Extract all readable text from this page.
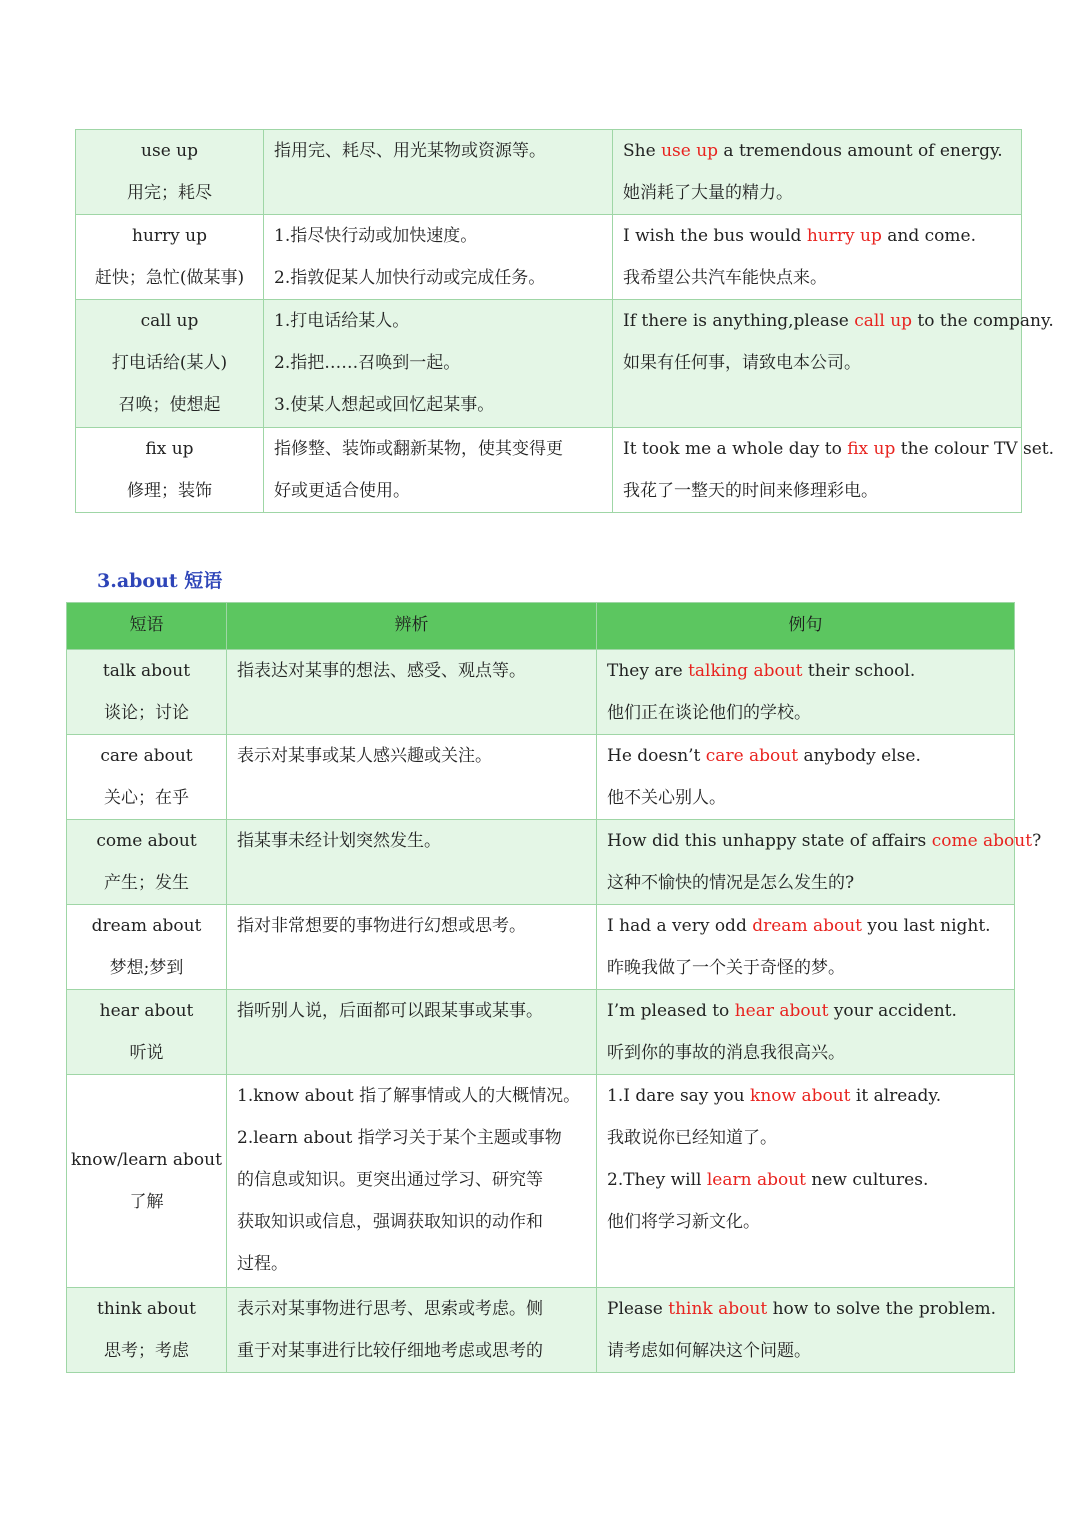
use up
用完；耗尽	指用完、耗尽、用光某物或资源等。	She use up a tremendous amount of energy.
她消耗了大量的精力。

hurry up
赶快；急忙(做某事)	1.指尽快行动或加快速度。
2.指敦促某人加快行动或完成任务。	I wish the bus would hurry up and come.
我希望公共汽车能快点来。

call up
打电话给(某人)
召唤；使想起	1.打电话给某人。
2.指把……召唤到一起。
3.使某人想起或回忆起某事。	If there is anything,please call up to the company.
如果有任何事，请致电本公司。

fix up
修理；装饰	指修整、装饰或翻新某物，使其变得更
好或更适合使用。	It took me a whole day to fix up the colour TV set.
我花了一整天的时间来修理彩电。
3.about 短语
短语	辨析	例句

talk about
谈论；讨论	指表达对某事的想法、感受、观点等。	They are talking about their school.
他们正在谈论他们的学校。

care about
关心；在乎	表示对某事或某人感兴趣或关注。	He doesn’t care about anybody else.
他不关心别人。

come about
产生；发生	指某事未经计划突然发生。	How did this unhappy state of affairs come about?
这种不愉快的情况是怎么发生的?

dream about
梦想;梦到	指对非常想要的事物进行幻想或思考。	I had a very odd dream about you last night.
昨晚我做了一个关于奇怪的梦。

hear about
听说	指听别人说，后面都可以跟某事或某事。	I’m pleased to hear about your accident.
听到你的事故的消息我很高兴。

know/learn about
了解	1.know about 指了解事情或人的大概情况。
2.learn about 指学习关于某个主题或事物
的信息或知识。更突出通过学习、研究等
获取知识或信息，强调获取知识的动作和
过程。	1.I dare say you know about it already.
我敢说你已经知道了。
2.They will learn about new cultures.
他们将学习新文化。

think about
思考；考虑	表示对某事物进行思考、思索或考虑。侧
重于对某事进行比较仔细地考虑或思考的	Please think about how to solve the problem.
请考虑如何解决这个问题。
